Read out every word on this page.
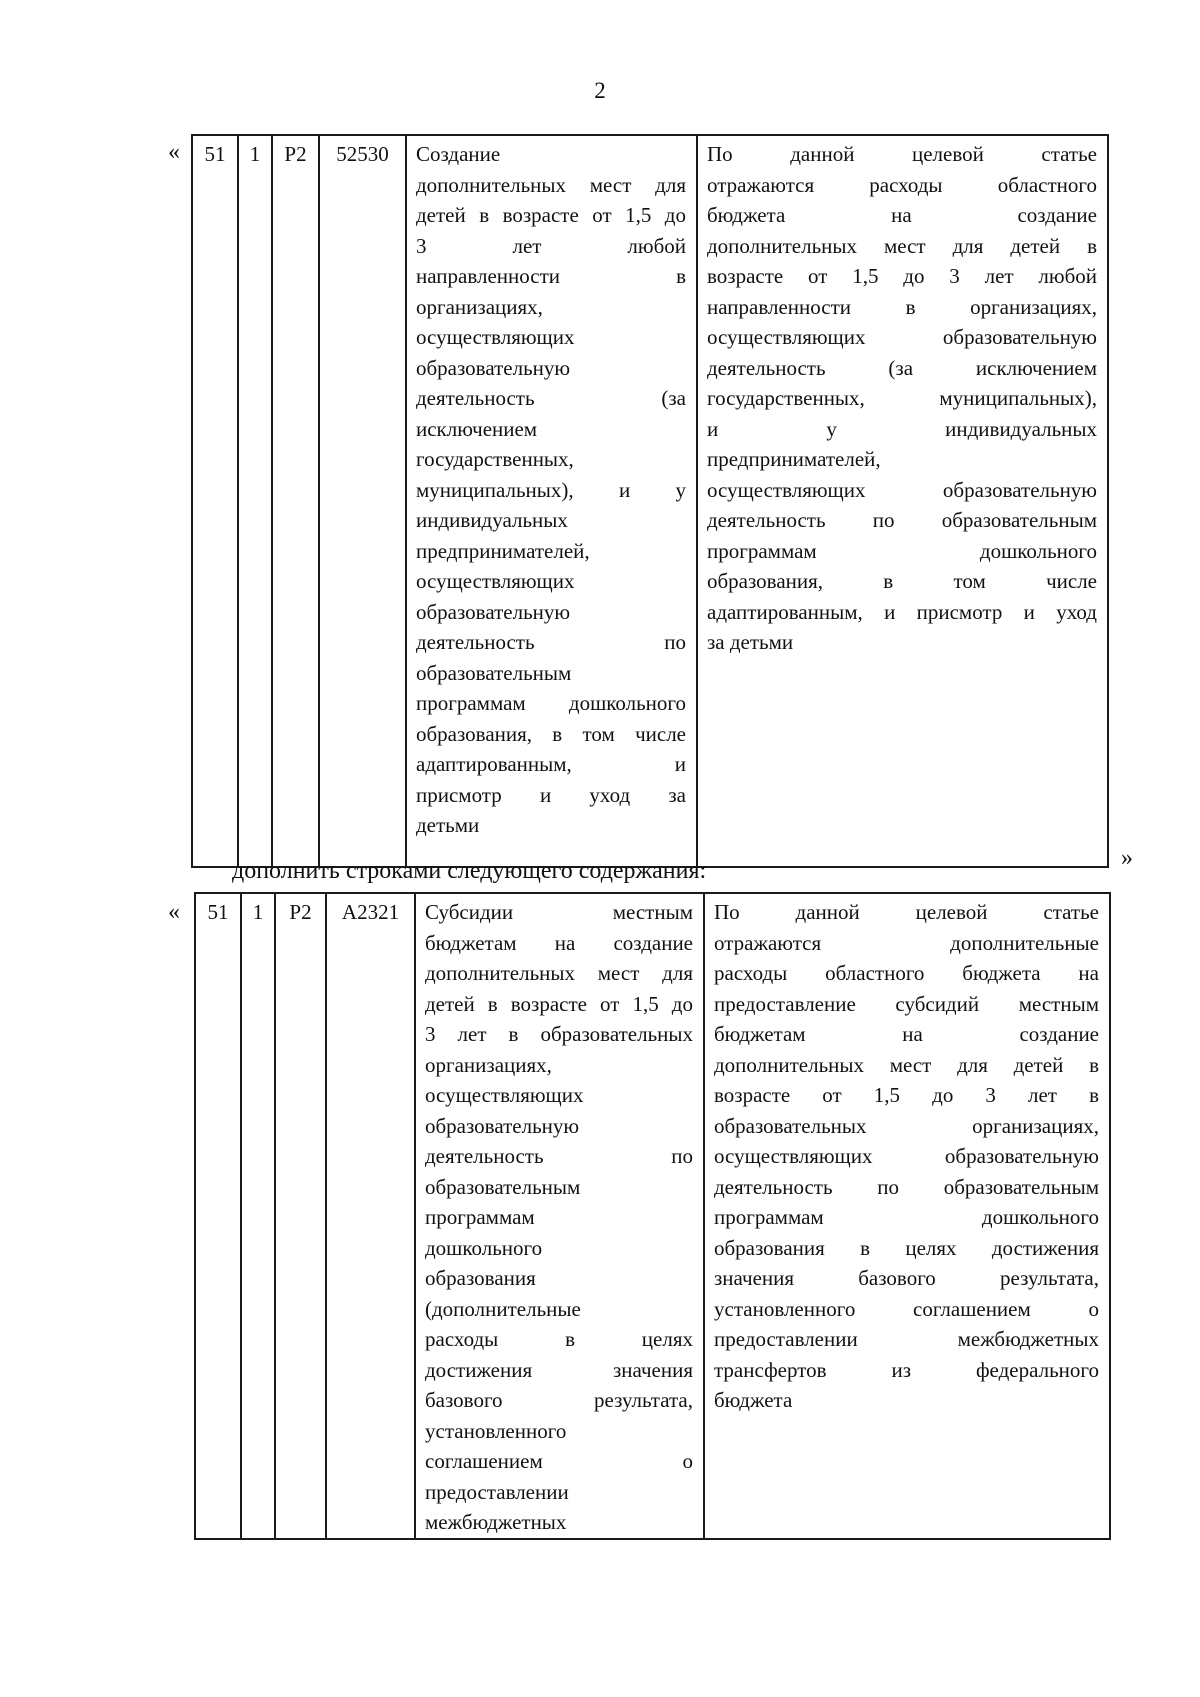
2
« 51	1	Р2	52530	Создание
дополнительных мест для
детей в возрасте от 1,5 до
3 лет любой
направленности в
организациях,
осуществляющих
образовательную
деятельность (за
исключением
государственных,
муниципальных), и у
индивидуальных
предпринимателей,
осуществляющих
образовательную
деятельность по
образовательным
программам дошкольного
образования, в том числе
адаптированным, и
присмотр и уход за
детьми

По данной целевой статье
отражаются расходы областного
бюджета на создание
дополнительных мест для детей в
возрасте от 1,5 до 3 лет любой
направленности в организациях,
осуществляющих образовательную
деятельность (за исключением
государственных, муниципальных),
и у индивидуальных
предпринимателей,
осуществляющих образовательную
деятельность по образовательным
программам дошкольного
образования, в том числе
адаптированным, и присмотр и уход
за детьми
»
дополнить строками следующего содержания:
« 51	1	Р2	А2321	Субсидии местным
бюджетам на создание
дополнительных мест для
детей в возрасте от 1,5 до
3 лет в образовательных
организациях,
осуществляющих
образовательную
деятельность по
образовательным
программам
дошкольного
образования
(дополнительные
расходы в целях
достижения значения
базового результата,
установленного
соглашением о
предоставлении
межбюджетных

По данной целевой статье
отражаются дополнительные
расходы областного бюджета на
предоставление субсидий местным
бюджетам на создание
дополнительных мест для детей в
возрасте от 1,5 до 3 лет в
образовательных организациях,
осуществляющих образовательную
деятельность по образовательным
программам дошкольного
образования в целях достижения
значения базового результата,
установленного соглашением о
предоставлении межбюджетных
трансфертов из федерального
бюджета
